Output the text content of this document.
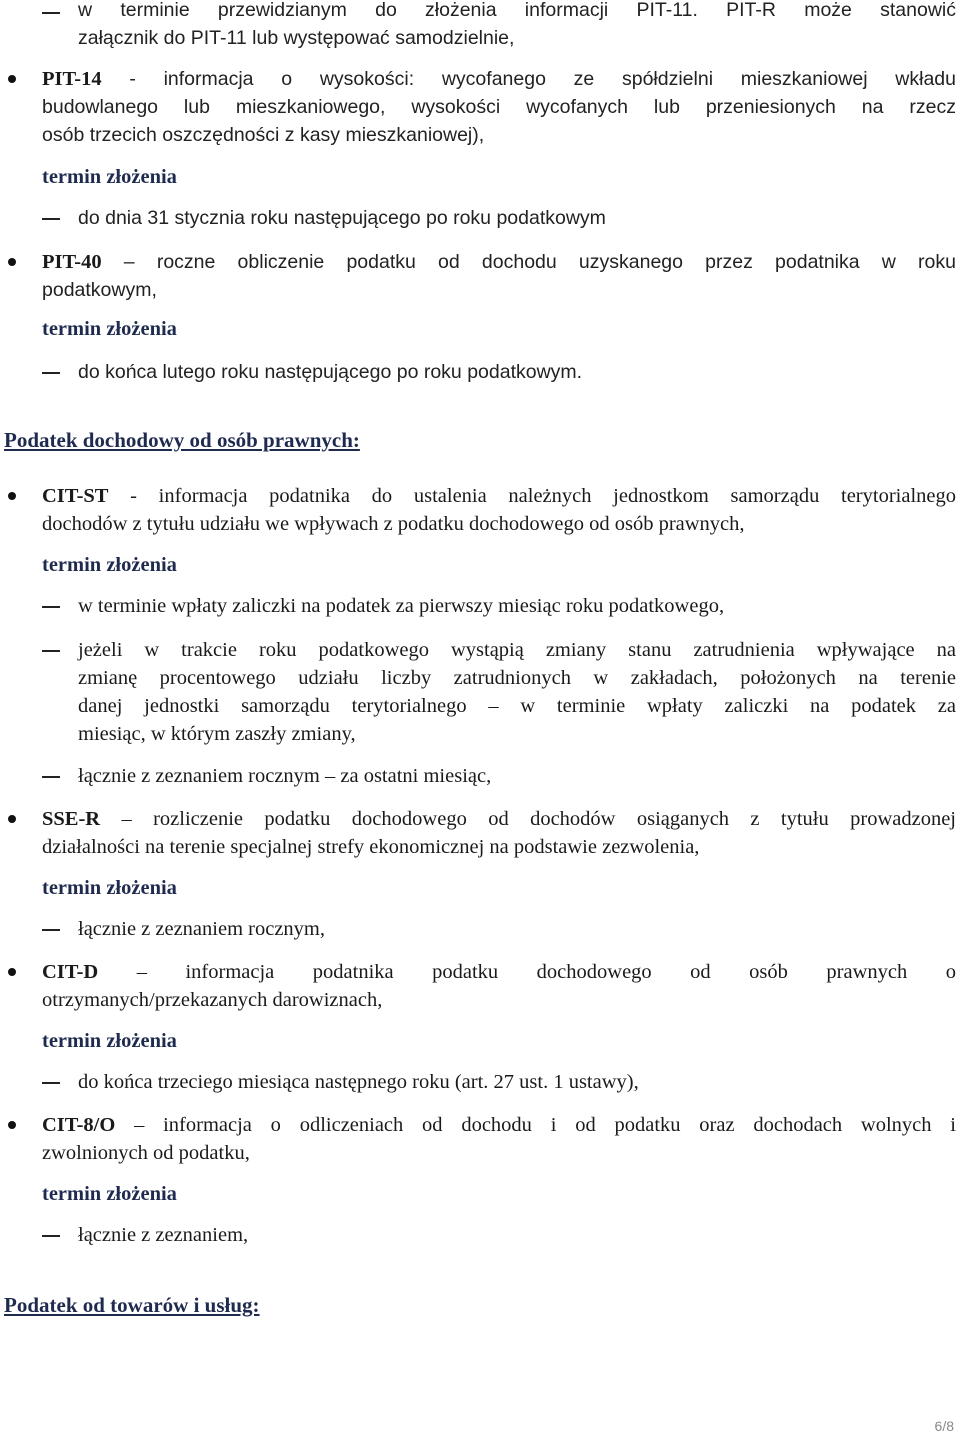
w terminie przewidzianym do złożenia informacji PIT-11. PIT-R może stanowić
załącznik do PIT-11 lub występować samodzielnie,
PIT-14 - informacja o wysokości: wycofanego ze spółdzielni mieszkaniowej wkładu
budowlanego lub mieszkaniowego, wysokości wycofanych lub przeniesionych na rzecz
osób trzecich oszczędności z kasy mieszkaniowej),
termin złożenia
do dnia 31 stycznia roku następującego po roku podatkowym
PIT-40 – roczne obliczenie podatku od dochodu uzyskanego przez podatnika w roku
podatkowym,
termin złożenia
do końca lutego roku następującego po roku podatkowym.
Podatek dochodowy od osób prawnych:
CIT-ST - informacja podatnika do ustalenia należnych jednostkom samorządu terytorialnego
dochodów z tytułu udziału we wpływach z podatku dochodowego od osób prawnych,
termin złożenia
w terminie wpłaty zaliczki na podatek za pierwszy miesiąc roku podatkowego,
jeżeli w trakcie roku podatkowego wystąpią zmiany stanu zatrudnienia wpływające na
zmianę procentowego udziału liczby zatrudnionych w zakładach, położonych na terenie
danej jednostki samorządu terytorialnego – w terminie wpłaty zaliczki na podatek za
miesiąc, w którym zaszły zmiany,
łącznie z zeznaniem rocznym – za ostatni miesiąc,
SSE-R – rozliczenie podatku dochodowego od dochodów osiąganych z tytułu prowadzonej
działalności na terenie specjalnej strefy ekonomicznej na podstawie zezwolenia,
termin złożenia
łącznie z zeznaniem rocznym,
CIT-D – informacja podatnika podatku dochodowego od osób prawnych o
otrzymanych/przekazanych darowiznach,
termin złożenia
do końca trzeciego miesiąca następnego roku (art. 27 ust. 1 ustawy),
CIT-8/O – informacja o odliczeniach od dochodu i od podatku oraz dochodach wolnych i
zwolnionych od podatku,
termin złożenia
łącznie z zeznaniem,
Podatek od towarów i usług:
6/8
